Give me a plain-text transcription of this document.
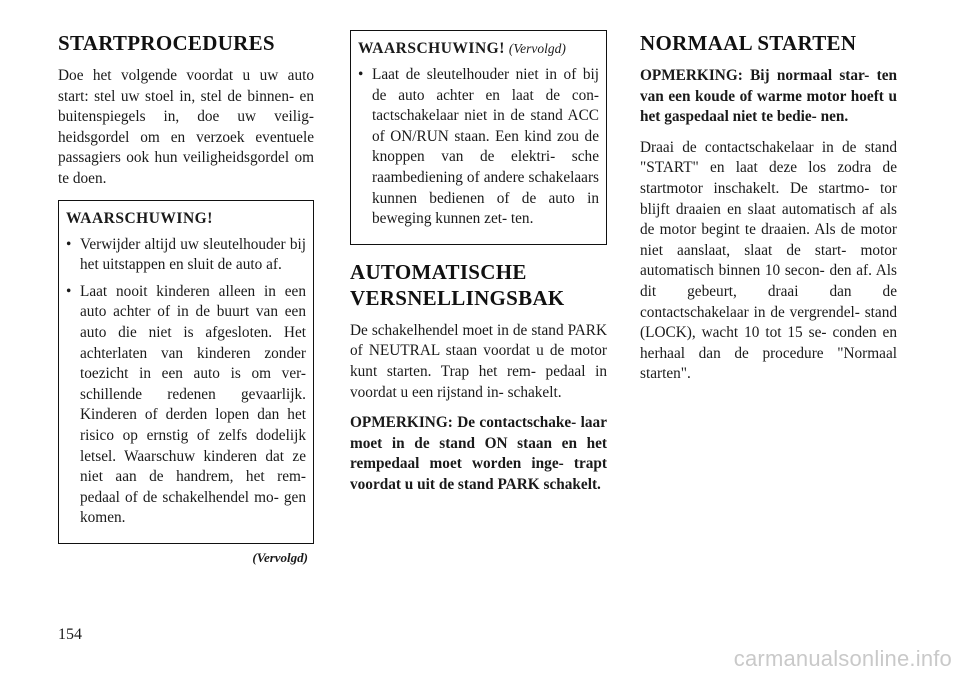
STARTPROCEDURES

Doe het volgende voordat u uw auto start: stel uw stoel in, stel de binnen- en buitenspiegels in, doe uw veilig- heidsgordel om en verzoek eventuele passagiers ook hun veiligheidsgordel om te doen.

WAARSCHUWING!
• Verwijder altijd uw sleutelhouder bij het uitstappen en sluit de auto af.
• Laat nooit kinderen alleen in een auto achter of in de buurt van een auto die niet is afgesloten. Het achterlaten van kinderen zonder toezicht in een auto is om ver- schillende redenen gevaarlijk. Kinderen of derden lopen dan het risico op ernstig of zelfs dodelijk letsel. Waarschuw kinderen dat ze niet aan de handrem, het rem- pedaal of de schakelhendel mo- gen komen.
(Vervolgd)
WAARSCHUWING! (Vervolgd)
• Laat de sleutelhouder niet in of bij de auto achter en laat de con- tactschakelaar niet in de stand ACC of ON/RUN staan. Een kind zou de knoppen van de elektri- sche raambediening of andere schakelaars kunnen bedienen of de auto in beweging kunnen zet- ten.
AUTOMATISCHE VERSNELLINGSBAK

De schakelhendel moet in de stand PARK of NEUTRAL staan voordat u de motor kunt starten. Trap het rem- pedaal in voordat u een rijstand in- schakelt.

OPMERKING: De contactschake- laar moet in de stand ON staan en het rempedaal moet worden inge- trapt voordat u uit de stand PARK schakelt.

NORMAAL STARTEN

OPMERKING: Bij normaal star- ten van een koude of warme motor hoeft u het gaspedaal niet te bedie- nen.

Draai de contactschakelaar in de stand "START" en laat deze los zodra de startmotor inschakelt. De startmo- tor blijft draaien en slaat automatisch af als de motor begint te draaien. Als de motor niet aanslaat, slaat de start- motor automatisch binnen 10 secon- den af. Als dit gebeurt, draai dan de contactschakelaar in de vergrendel- stand (LOCK), wacht 10 tot 15 se- conden en herhaal dan de procedure "Normaal starten".

154
carmanualsonline.info
